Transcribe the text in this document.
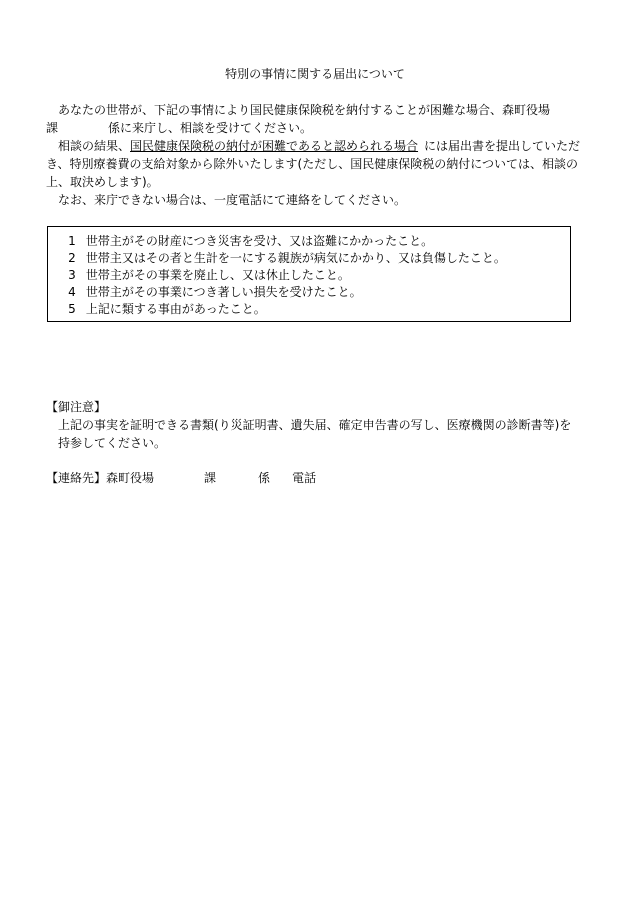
特別の事情に関する届出について

あなたの世帯が、下記の事情により国民健康保険税を納付することが困難な場合、森町役場
課	係に来庁し、相談を受けてください。

相談の結果、国民健康保険税の納付が困難であると認められる場合 には届出書を提出していただき、特別療養費の支給対象から除外いたします(ただし、国民健康保険税の納付については、相談の上、取決めします)。

なお、来庁できない場合は、一度電話にて連絡をしてください。

1 世帯主がその財産につき災害を受け、又は盗難にかかったこと。
2 世帯主又はその者と生計を一にする親族が病気にかかり、又は負傷したこと。
3 世帯主がその事業を廃止し、又は休止したこと。
4 世帯主がその事業につき著しい損失を受けたこと。
5 上記に類する事由があったこと。
【御注意】

上記の事実を証明できる書類(り災証明書、遺失届、確定申告書の写し、医療機関の診断書等)を
持参してください。

【連絡先】森町役場	課	係 電話
